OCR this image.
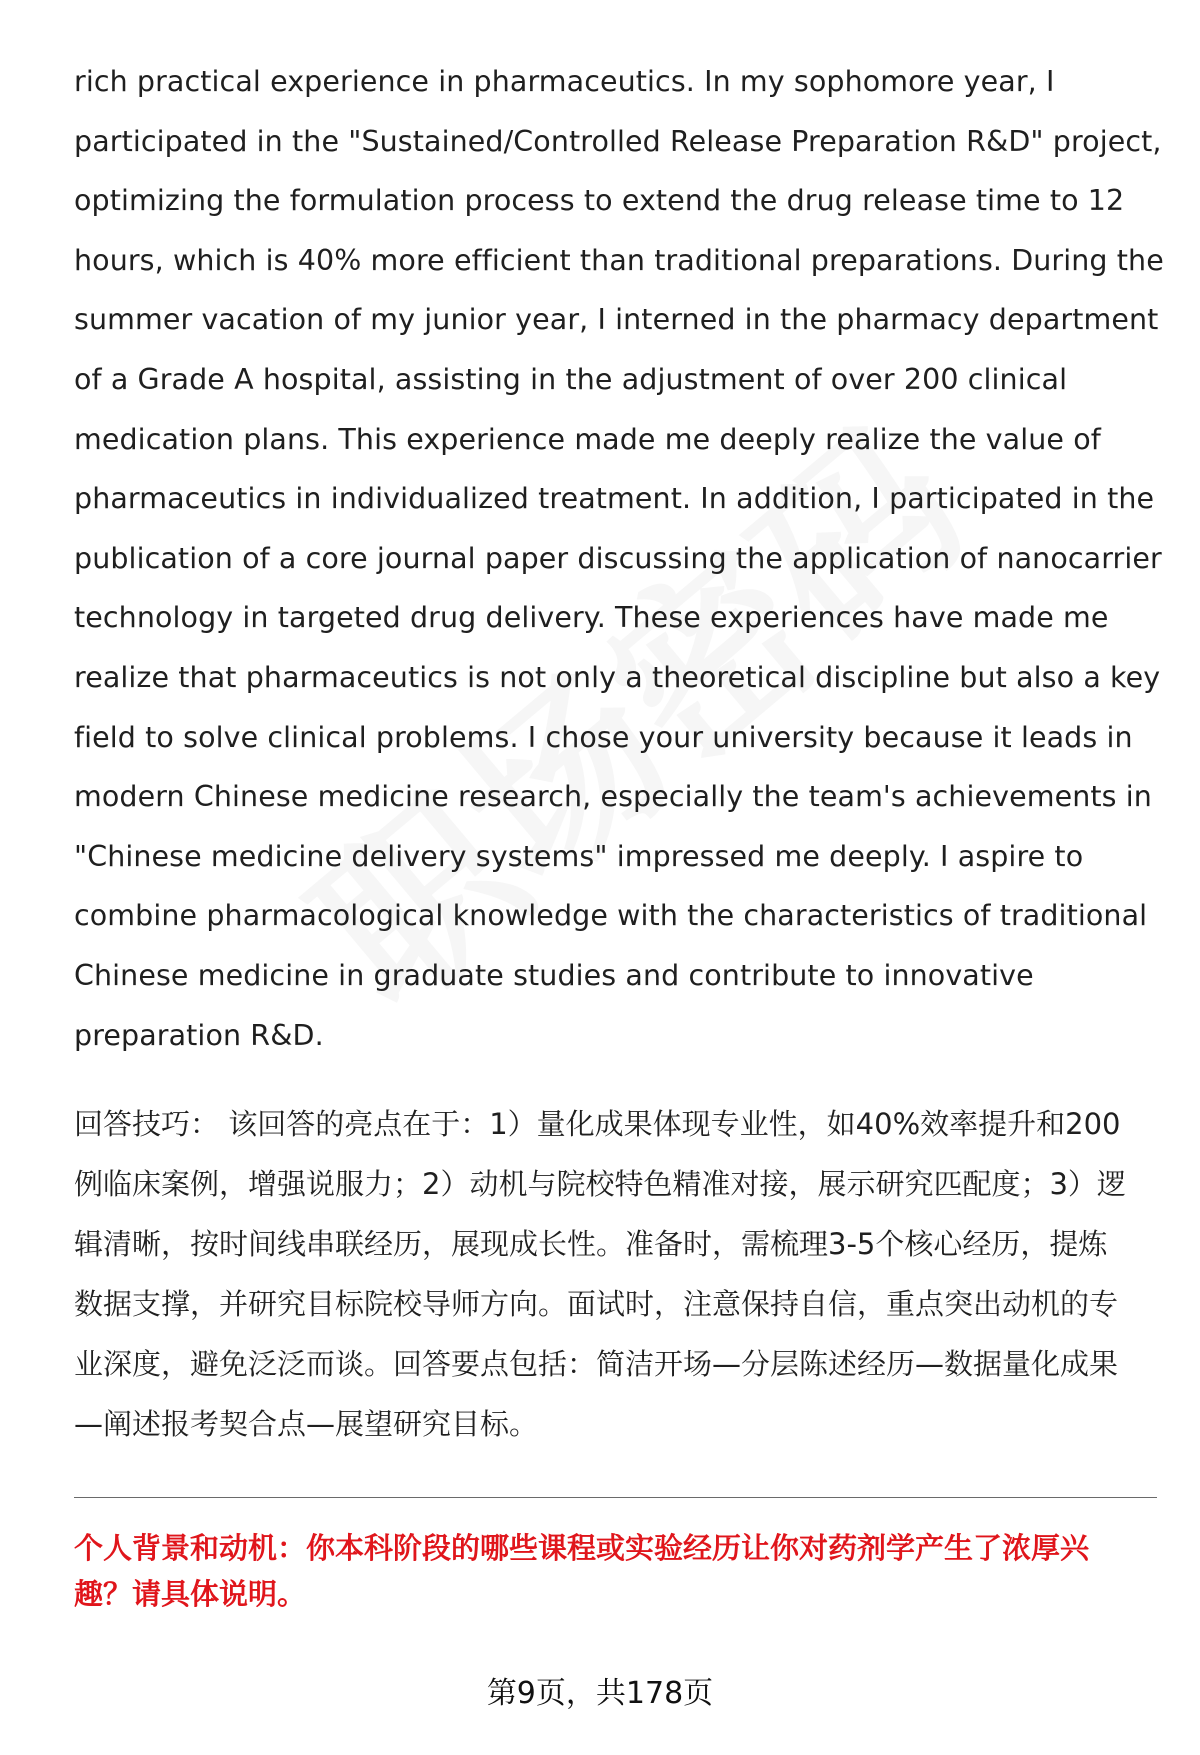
rich practical experience in pharmaceutics. In my sophomore year, I
participated in the "Sustained/Controlled Release Preparation R&D" project,
optimizing the formulation process to extend the drug release time to 12
hours, which is 40% more efficient than traditional preparations. During the
summer vacation of my junior year, I interned in the pharmacy department
of a Grade A hospital, assisting in the adjustment of over 200 clinical
medication plans. This experience made me deeply realize the value of
pharmaceutics in individualized treatment. In addition, I participated in the
publication of a core journal paper discussing the application of nanocarrier
technology in targeted drug delivery. These experiences have made me
realize that pharmaceutics is not only a theoretical discipline but also a key
field to solve clinical problems. I chose your university because it leads in
modern Chinese medicine research, especially the team's achievements in
"Chinese medicine delivery systems" impressed me deeply. I aspire to
combine pharmacological knowledge with the characteristics of traditional
Chinese medicine in graduate studies and contribute to innovative
preparation R&D.

回答技巧： 该回答的亮点在于：1）量化成果体现专业性，如40%效率提升和200
例临床案例，增强说服力；2）动机与院校特色精准对接，展示研究匹配度；3）逻
辑清晰，按时间线串联经历，展现成长性。准备时，需梳理3-5个核心经历，提炼
数据支撑，并研究目标院校导师方向。面试时，注意保持自信，重点突出动机的专
业深度，避免泛泛而谈。回答要点包括：简洁开场—分层陈述经历—数据量化成果
—阐述报考契合点—展望研究目标。

个人背景和动机：你本科阶段的哪些课程或实验经历让你对药剂学产生了浓厚兴
趣？请具体说明。

第9页，共178页
